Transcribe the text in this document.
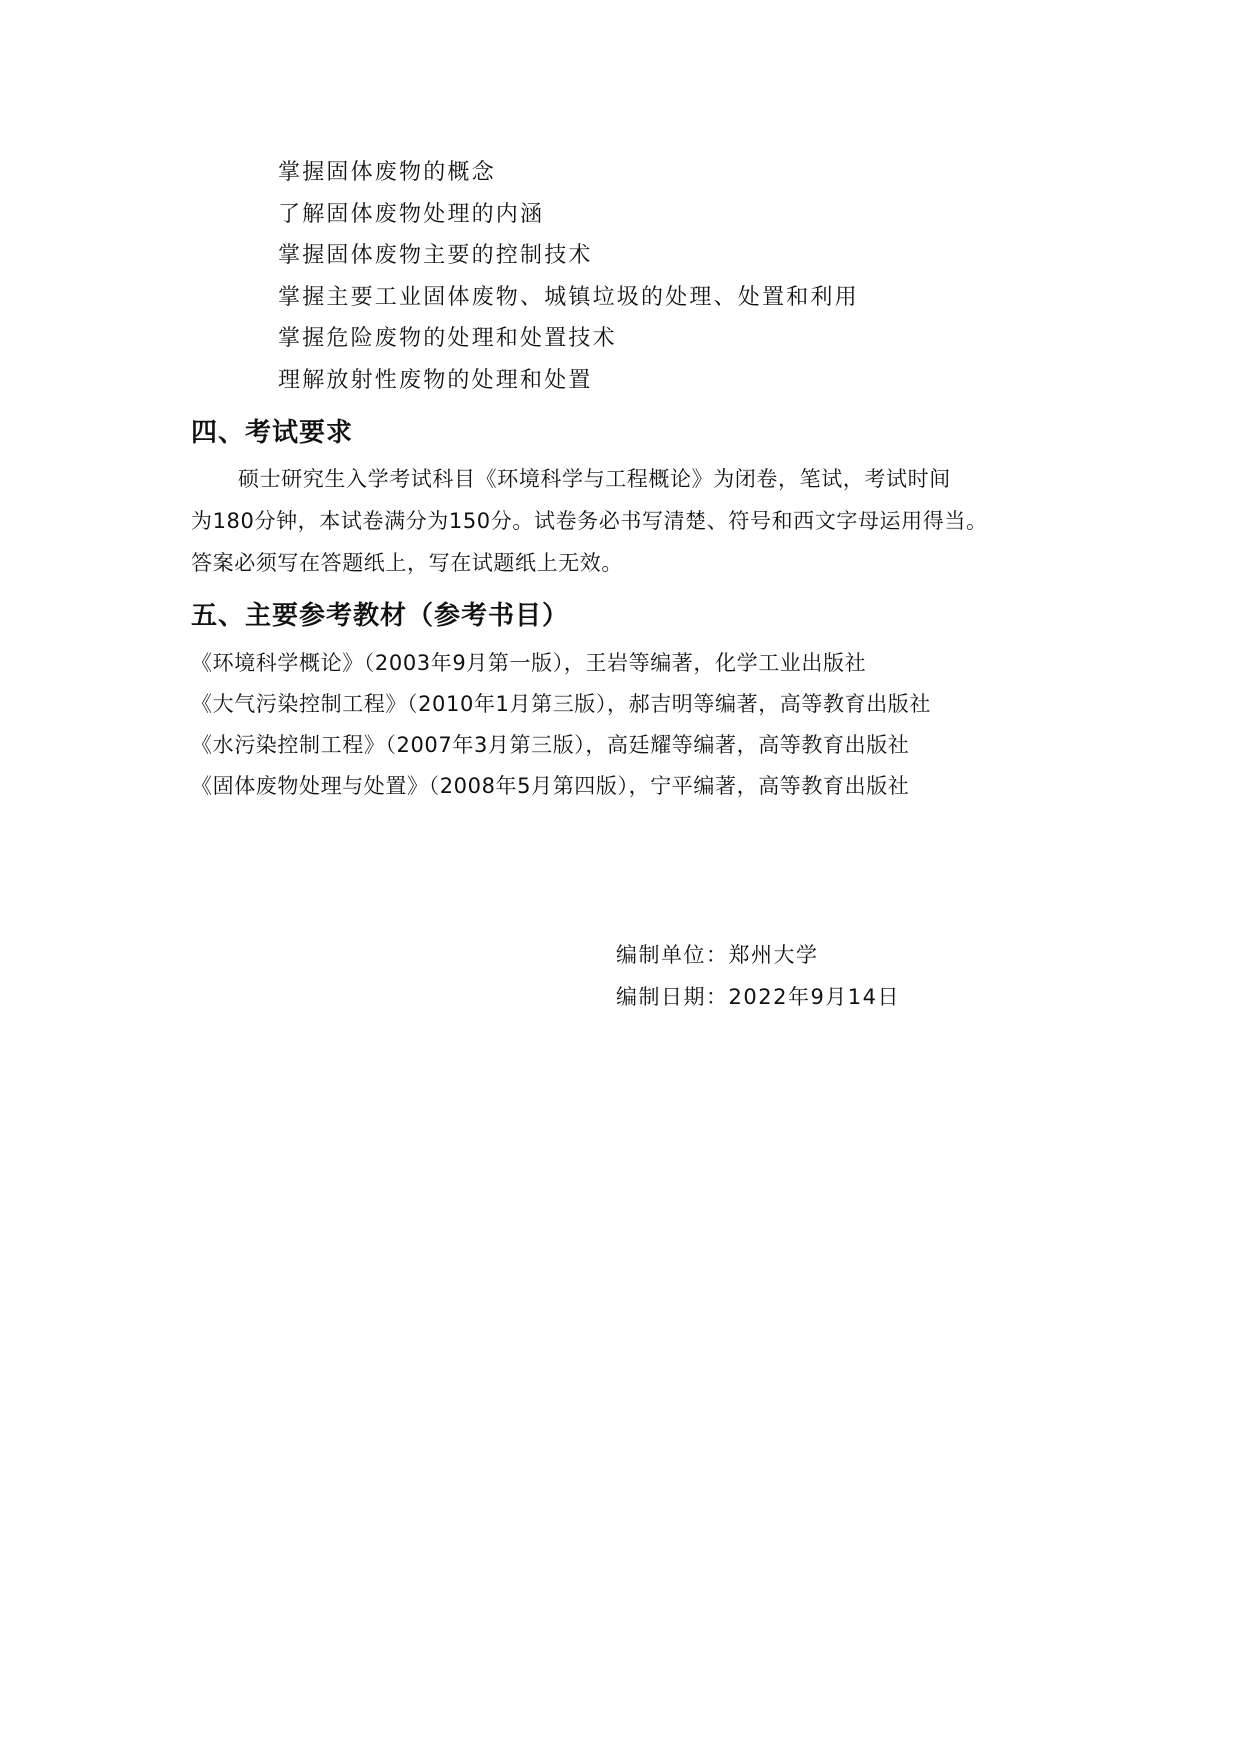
掌握固体废物的概念
了解固体废物处理的内涵
掌握固体废物主要的控制技术
掌握主要工业固体废物、城镇垃圾的处理、处置和利用
掌握危险废物的处理和处置技术
理解放射性废物的处理和处置
四、考试要求

硕士研究生入学考试科目《环境科学与工程概论》为闭卷，笔试，考试时间
为180分钟，本试卷满分为150分。试卷务必书写清楚、符号和西文字母运用得当。
答案必须写在答题纸上，写在试题纸上无效。

五、主要参考教材（参考书目）
《环境科学概论》（2003年9月第一版），王岩等编著，化学工业出版社
《大气污染控制工程》（2010年1月第三版），郝吉明等编著，高等教育出版社
《水污染控制工程》（2007年3月第三版），高廷耀等编著，高等教育出版社
《固体废物处理与处置》（2008年5月第四版），宁平编著，高等教育出版社
编制单位：郑州大学
编制日期：2022年9月14日
